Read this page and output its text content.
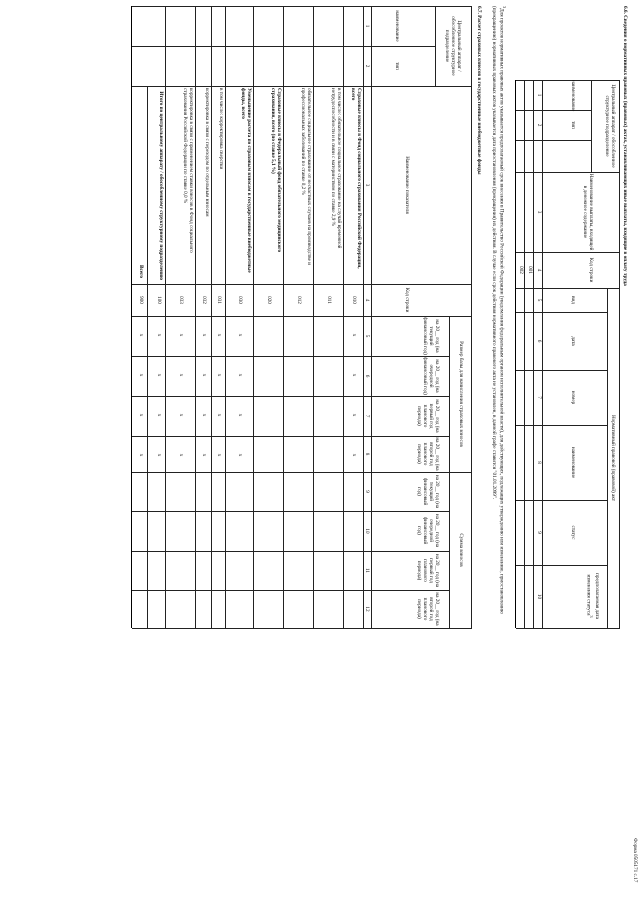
Форма 0505171 с.17
6.6. Сведения о нормативных правовых (правовых) актах, устанавливающих иные выплаты, входящие в оплату труда
Центральный аппарат / обособленное структурное подразделение
наименование
тип
Наименование выплаты, входящей в денежное содержание
Код строки
Нормативный правовой (правовой) акт
вид
дата
номер
наименование
статус
предполагаемая дата изменения статуса$^3$
1
2
3
4
5
6
7
8
9
10
001
002
$^3$Для проектов нормативных правовых актов указывается предполагаемый срок внесения в Правительство Российской Федерации (уведомления федеральным органом исполнительной власти), для действующих, подлежащих утверждению или изменению, приостановлению (прекращению) нормативных правовых актов указывается дата приостановления (прекращения) их действия. В случае если срок действия нормативного правового акта не установлен, в данной графе ставится "01.01.2099".
6.7. Расчет страховых взносов в государственные внебюджетные фонды
Центральный аппарат / обособленное структурное подразделение
наименование
тип
Наименование показателя
Код строки
Размер базы для начисления страховых взносов
Сумма взносов
на 20__ год (на текущий финансовый год)
на 20__ год (на очередной финансовый год)
на 20__ год (на первый год планового периода)
на 20__ год (на второй год планового периода)
на 20__ год (на текущий финансовый год)
на 20__ год (на очередной финансовый год)
на 20__ год (на первый год планового периода)
на 20__ год (на второй год планового периода)
1
2
3
4
5
6
7
8
9
10
11
12
Страховые взносы в Фонд социального страхования Российской Федерации, всего
010
х
х
х
х
в том числе: обязательное социальное страхование на случай временной нетрудоспособности и в связи с материнством по ставке 2,9 %
011
обязательное социальное страхование от несчастных случаев на производстве и профессиональных заболеваний по ставке 0,2 %
012
Страховые взносы в Федеральный фонд обязательного медицинского страхования, всего (по ставке 5,1 %)
020
Уменьшение расчета по страховым взносам в государственные внебюджетные фонды, всего
030
х
х
х
х
в том числе: корректировка сверстки
031
х
х
х
х
корректировка в связи с переходом по отдельным взносам
032
х
х
х
х
корректировка в связи с применением ставки взносов в Фонд социального страхования Российской Федерации по ставке 0,0 %
033
х
х
х
х
Итого по центральному аппарату / обособленному структурному подразделению
100
Всего
900
х
х
х
х
х
х
х
х
